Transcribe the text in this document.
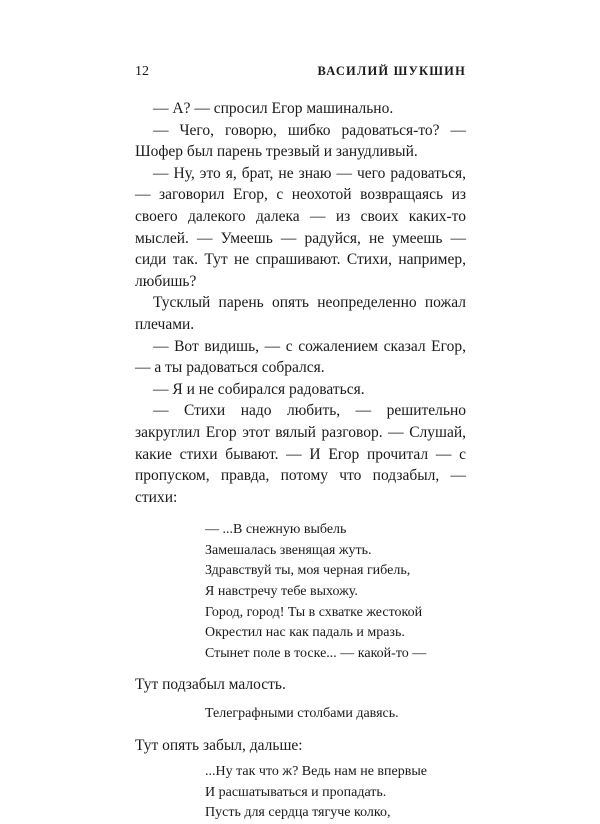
12	ВАСИЛИЙ ШУКШИН

— А? — спросил Егор машинально.

— Чего, говорю, шибко радоваться-то? — Шофер был парень трезвый и занудливый.

— Ну, это я, брат, не знаю — чего радоваться, — заговорил Егор, с неохотой возвращаясь из своего далекого далека — из своих каких-то мыслей. — Умеешь — радуйся, не умеешь — сиди так. Тут не спрашивают. Стихи, например, любишь?

Тусклый парень опять неопределенно пожал плечами.

— Вот видишь, — с сожалением сказал Егор, — а ты радоваться собрался.

— Я и не собирался радоваться.

— Стихи надо любить, — решительно закруглил Егор этот вялый разговор. — Слушай, какие стихи бывают. — И Егор прочитал — с пропуском, правда, потому что подзабыл, — стихи:

— ...В снежную выбель
Замешалась звенящая жуть.
Здравствуй ты, моя черная гибель,
Я навстречу тебе выхожу.
Город, город! Ты в схватке жестокой
Окрестил нас как падаль и мразь.
Стынет поле в тоске... — какой-то —

Тут подзабыл малость.

Телеграфными столбами давясь.

Тут опять забыл, дальше:

...Ну так что ж? Ведь нам не впервые
И расшатываться и пропадать.
Пусть для сердца тягуче колко,
